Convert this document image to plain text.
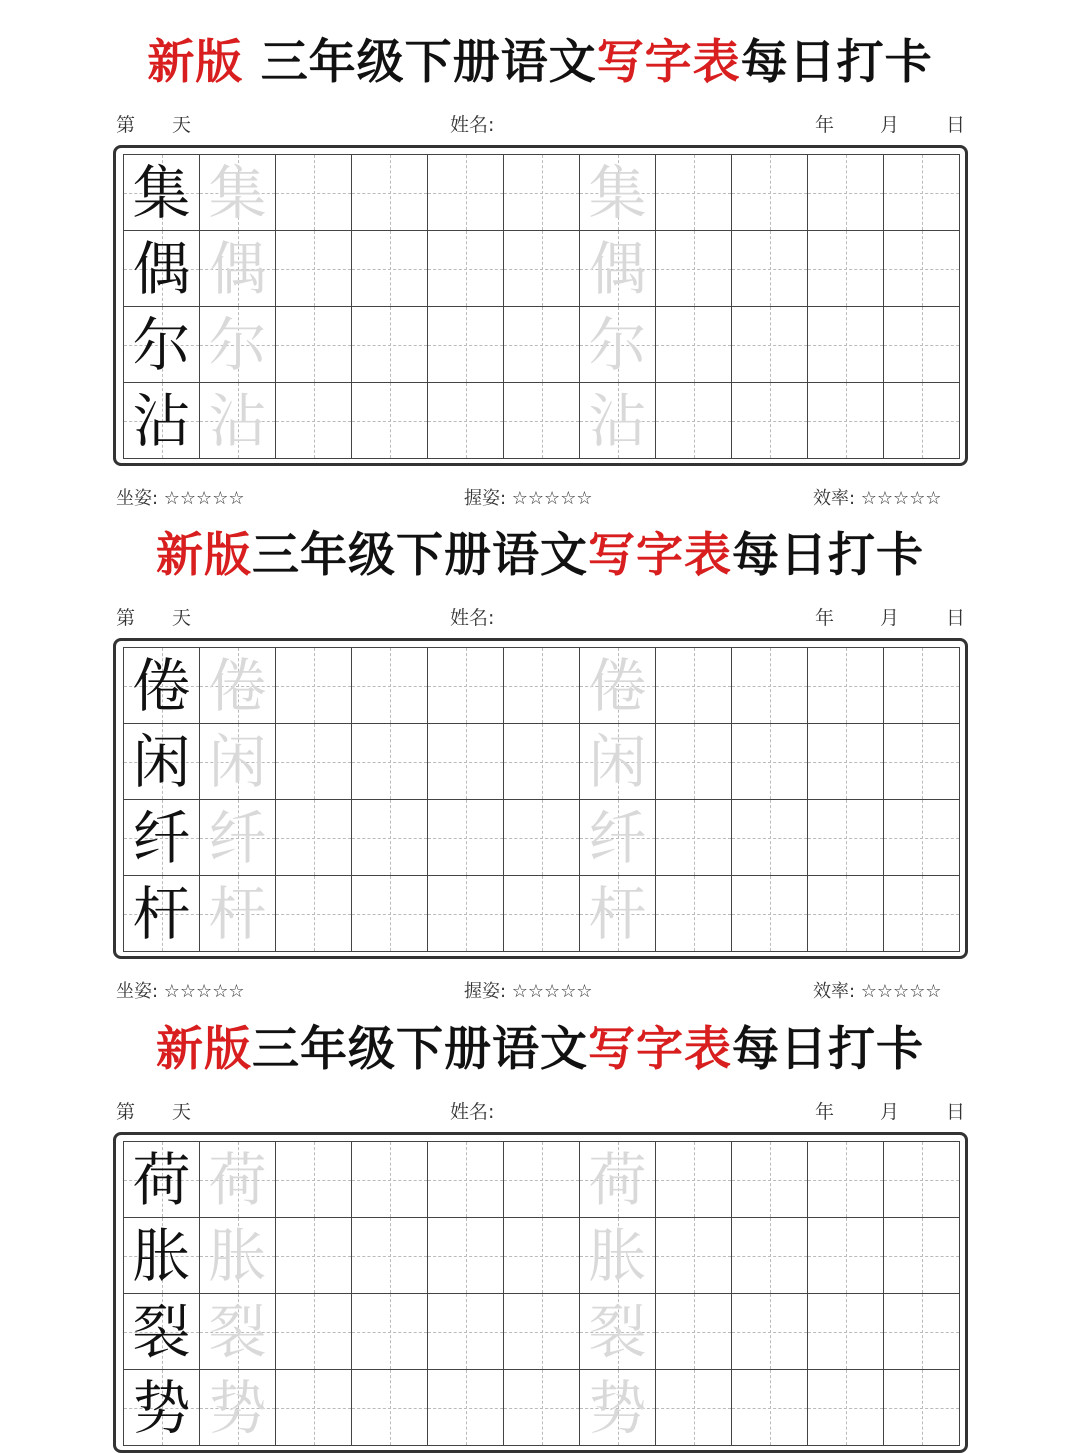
新版 三年级下册语文写字表每日打卡
第 天	姓名:	年 月 日
集 集	集
偶 偶	偶
尔 尔	尔
沾 沾	沾
坐姿: ☆☆☆☆☆	握姿: ☆☆☆☆☆	效率: ☆☆☆☆☆
新版三年级下册语文写字表每日打卡
第 天	姓名:	年 月 日
倦 倦	倦
闲 闲	闲
纤 纤	纤
杆 杆	杆
坐姿: ☆☆☆☆☆	握姿: ☆☆☆☆☆	效率: ☆☆☆☆☆
新版三年级下册语文写字表每日打卡
第 天	姓名:	年 月 日
荷 荷	荷
胀 胀	胀
裂 裂	裂
势 势	势
